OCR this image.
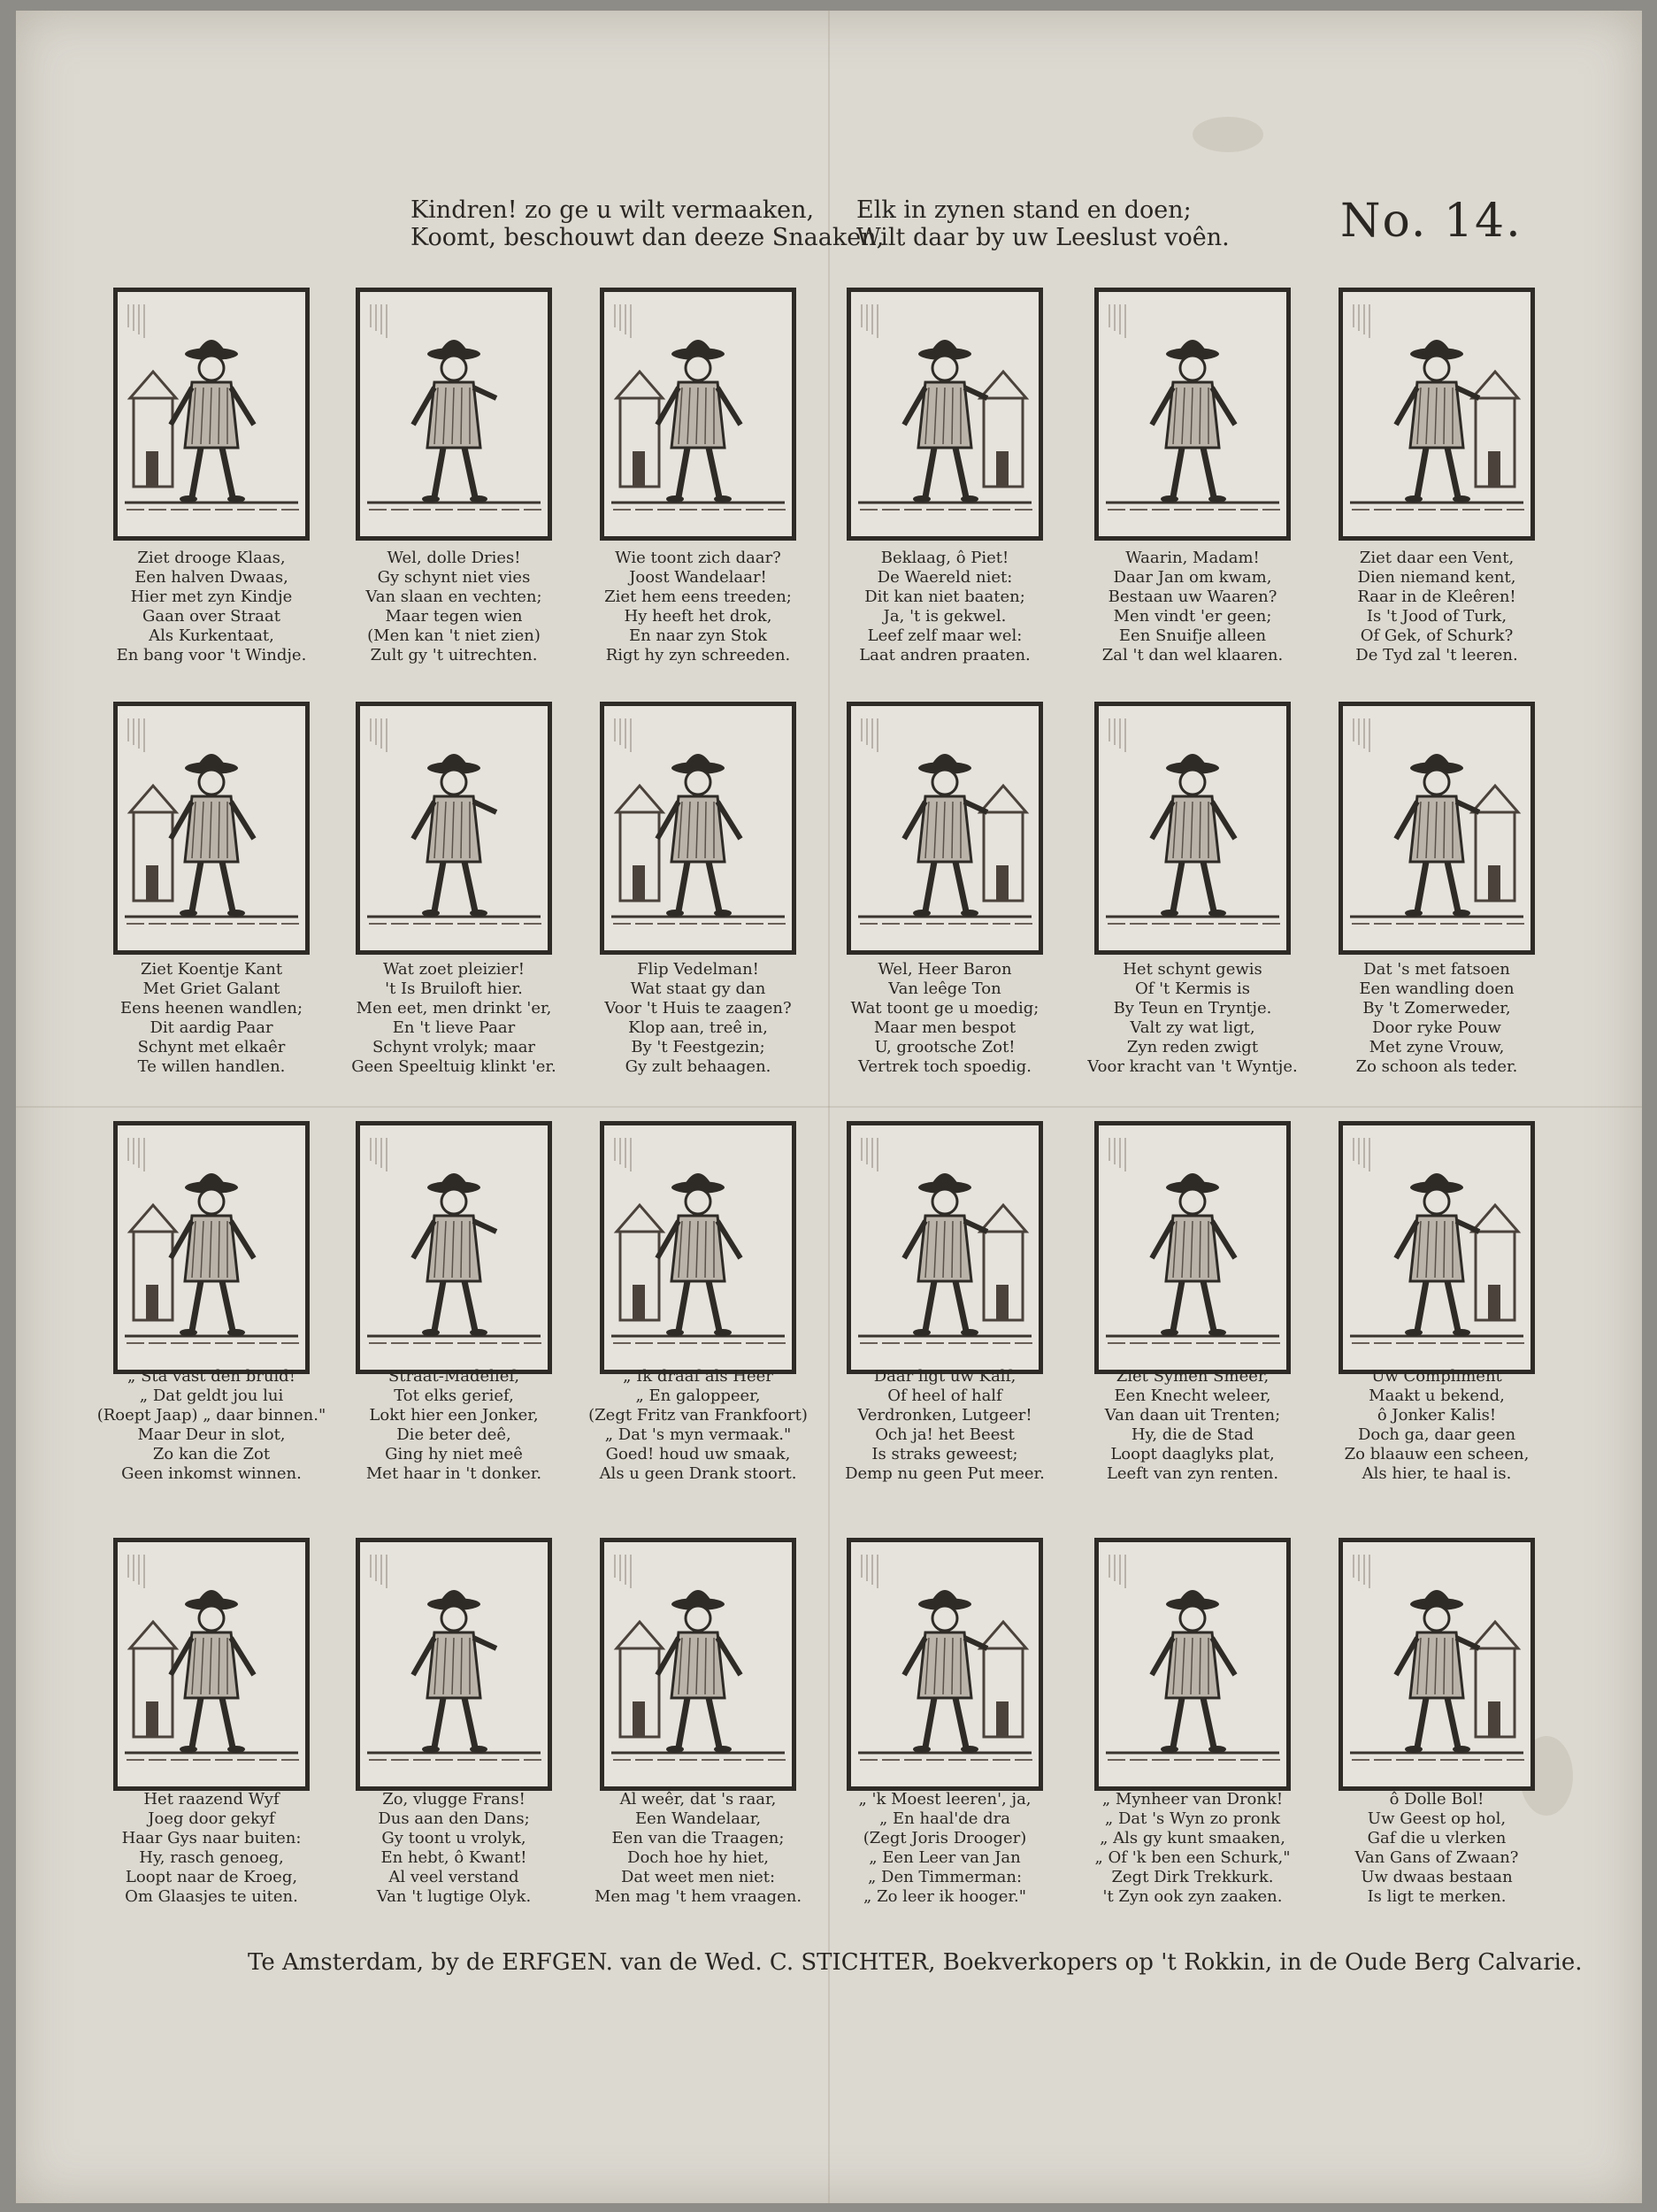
Kindren! zo ge u wilt vermaaken,
Koomt, beschouwt dan deeze Snaaken,
Elk in zynen stand en doen;
Wilt daar by uw Leeslust voên. No. 14.
Ziet drooge Klaas,
Een halven Dwaas,
Hier met zyn Kindje
Gaan over Straat
Als Kurkentaat,
En bang voor 't Windje.
Wel, dolle Dries!
Gy schynt niet vies
Van slaan en vechten;
Maar tegen wien
(Men kan 't niet zien)
Zult gy 't uitrechten.
Wie toont zich daar?
Joost Wandelaar!
Ziet hem eens treeden;
Hy heeft het drok,
En naar zyn Stok
Rigt hy zyn schreeden.
Beklaag, ô Piet!
De Waereld niet:
Dit kan niet baaten;
Ja, 't is gekwel.
Leef zelf maar wel:
Laat andren praaten.
Waarin, Madam!
Daar Jan om kwam,
Bestaan uw Waaren?
Men vindt 'er geen;
Een Snuifje alleen
Zal 't dan wel klaaren.
Ziet daar een Vent,
Dien niemand kent,
Raar in de Kleêren!
Is 't Jood of Turk,
Of Gek, of Schurk?
De Tyd zal 't leeren.
Ziet Koentje Kant
Met Griet Galant
Eens heenen wandlen;
Dit aardig Paar
Schynt met elkaêr
Te willen handlen.
Wat zoet pleizier!
't Is Bruiloft hier.
Men eet, men drinkt 'er,
En 't lieve Paar
Schynt vrolyk; maar
Geen Speeltuig klinkt 'er.
Flip Vedelman!
Wat staat gy dan
Voor 't Huis te zaagen?
Klop aan, treê in,
By 't Feestgezin;
Gy zult behaagen.
Wel, Heer Baron
Van leêge Ton
Wat toont ge u moedig;
Maar men bespot
U, grootsche Zot!
Vertrek toch spoedig.
Het schynt gewis
Of 't Kermis is
By Teun en Tryntje.
Valt zy wat ligt,
Zyn reden zwigt
Voor kracht van 't Wyntje.
Dat 's met fatsoen
Een wandling doen
By 't Zomerweder,
Door ryke Pouw
Met zyne Vrouw,
Zo schoon als teder.
„ Sta vast den bruid!
„ Dat geldt jou lui
(Roept Jaap) „ daar binnen."
Maar Deur in slot,
Zo kan die Zot
Geen inkomst winnen.
Straat-Madelief,
Tot elks gerief,
Lokt hier een Jonker,
Die beter deê,
Ging hy niet meê
Met haar in 't donker.
„ Ik draaf als Heer
„ En galoppeer,
(Zegt Fritz van Frankfoort)
„ Dat 's myn vermaak."
Goed! houd uw smaak,
Als u geen Drank stoort.
Daar ligt uw Kalf,
Of heel of half
Verdronken, Lutgeer!
Och ja! het Beest
Is straks geweest;
Demp nu geen Put meer.
Ziet Symen Smeer,
Een Knecht weleer,
Van daan uit Trenten;
Hy, die de Stad
Loopt daaglyks plat,
Leeft van zyn renten.
Uw Compliment
Maakt u bekend,
ô Jonker Kalis!
Doch ga, daar geen
Zo blaauw een scheen,
Als hier, te haal is.
Het raazend Wyf
Joeg door gekyf
Haar Gys naar buiten:
Hy, rasch genoeg,
Loopt naar de Kroeg,
Om Glaasjes te uiten.
Zo, vlugge Frans!
Dus aan den Dans;
Gy toont u vrolyk,
En hebt, ô Kwant!
Al veel verstand
Van 't lugtige Olyk.
Al weêr, dat 's raar,
Een Wandelaar,
Een van die Traagen;
Doch hoe hy hiet,
Dat weet men niet:
Men mag 't hem vraagen.
„ 'k Moest leeren', ja,
„ En haal'de dra
(Zegt Joris Drooger)
„ Een Leer van Jan
„ Den Timmerman:
„ Zo leer ik hooger."
„ Mynheer van Dronk!
„ Dat 's Wyn zo pronk
„ Als gy kunt smaaken,
„ Of 'k ben een Schurk,"
Zegt Dirk Trekkurk.
't Zyn ook zyn zaaken.
ô Dolle Bol!
Uw Geest op hol,
Gaf die u vlerken
Van Gans of Zwaan?
Uw dwaas bestaan
Is ligt te merken.
Te Amsterdam, by de ERFGEN. van de Wed. C. STICHTER, Boekverkopers op 't Rokkin, in de Oude Berg Calvarie.
